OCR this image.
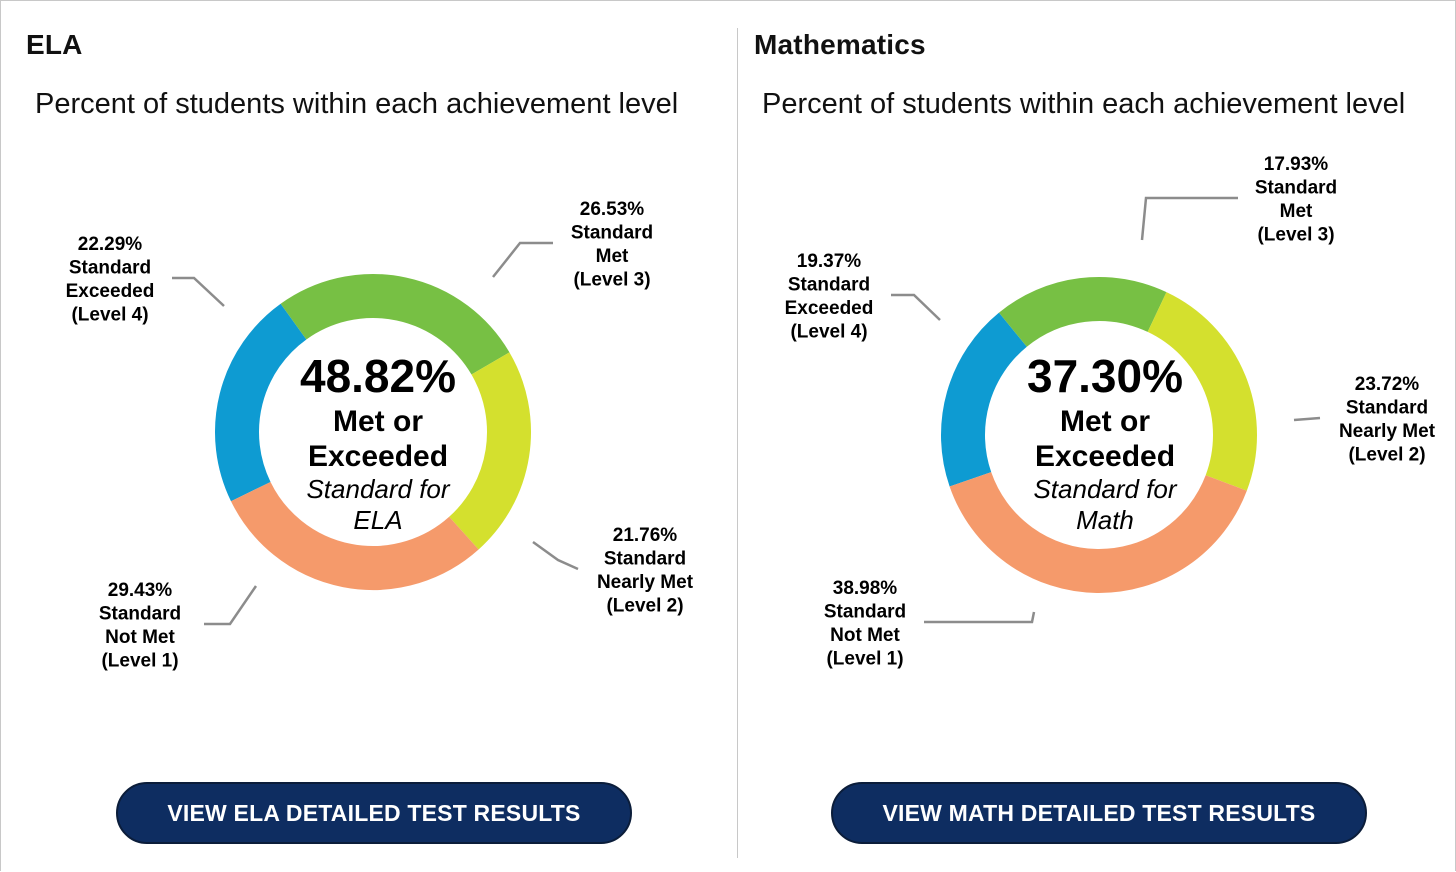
ELA
Percent of students within each achievement level
22.29% Standard Exceeded (Level 4)
26.53% Standard Met (Level 3)
21.76% Standard Nearly Met (Level 2)
29.43% Standard Not Met (Level 1)
48.82%
Met or
Exceeded
Standard for
ELA
VIEW ELA DETAILED TEST RESULTS
Mathematics
Percent of students within each achievement level
19.37% Standard Exceeded (Level 4)
17.93% Standard Met (Level 3)
23.72% Standard Nearly Met (Level 2)
38.98% Standard Not Met (Level 1)
37.30%
Met or
Exceeded
Standard for
Math
VIEW MATH DETAILED TEST RESULTS
